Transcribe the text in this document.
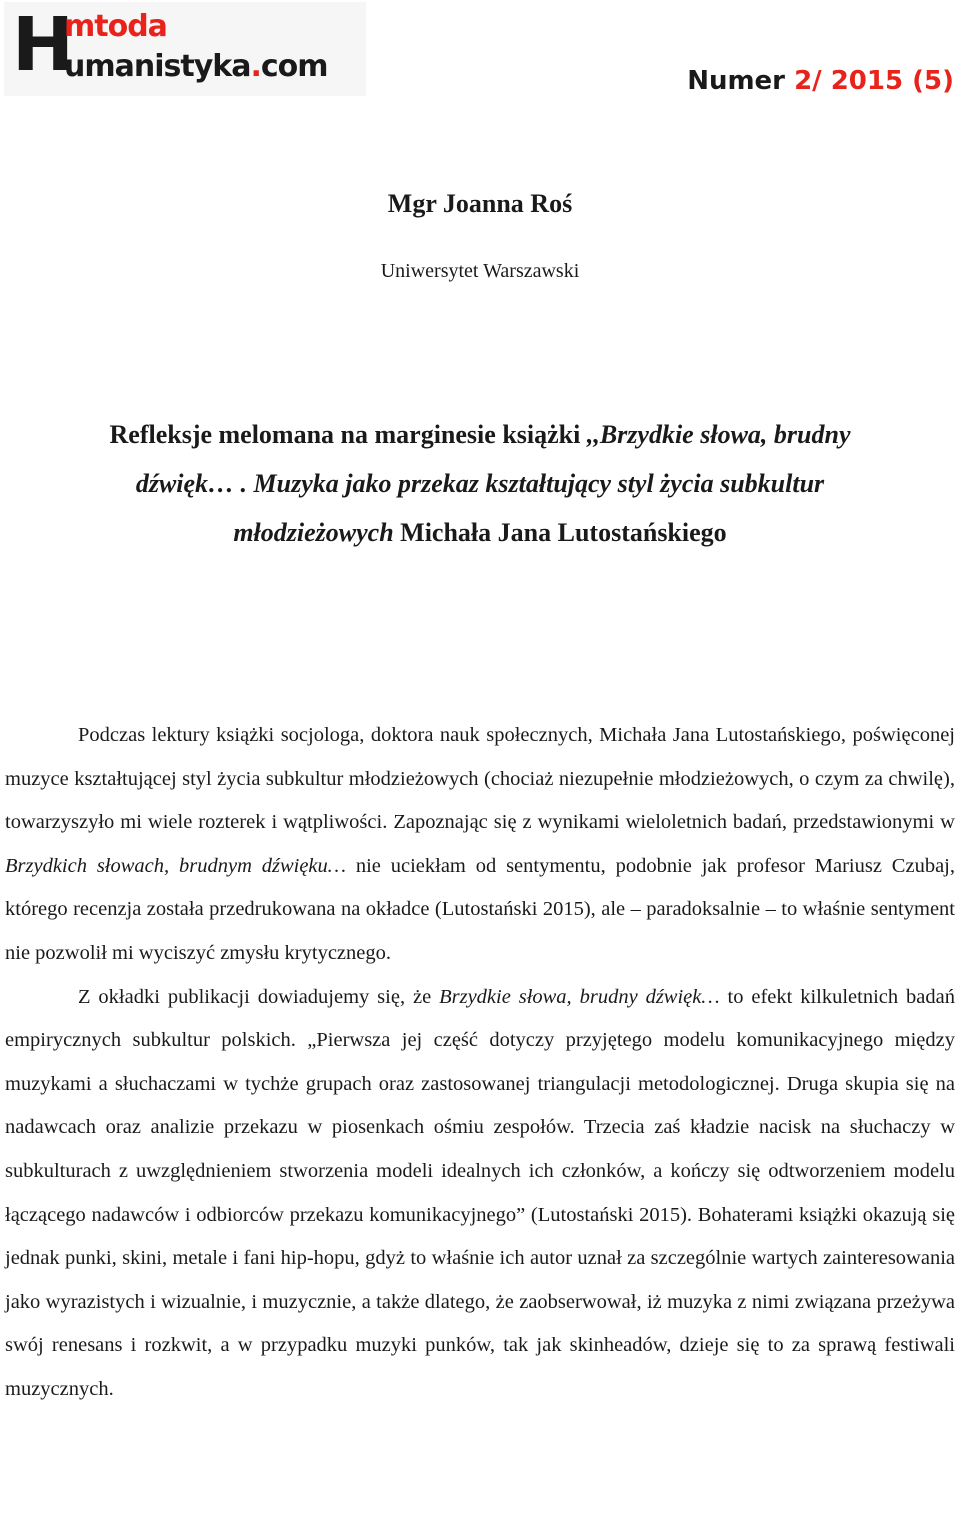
H
mtoda
umanistyka.com	Numer 2/ 2015 (5)
Mgr Joanna Roś
Uniwersytet Warszawski
Refleksje melomana na marginesie książki ,,Brzydkie słowa, brudny dźwięk… . Muzyka jako przekaz kształtujący styl życia subkultur młodzieżowych Michała Jana Lutostańskiego

Podczas lektury książki socjologa, doktora nauk społecznych, Michała Jana Lutostańskiego, poświęconej muzyce kształtującej styl życia subkultur młodzieżowych (chociaż niezupełnie młodzieżowych, o czym za chwilę), towarzyszyło mi wiele rozterek i wątpliwości. Zapoznając się z wynikami wieloletnich badań, przedstawionymi w Brzydkich słowach, brudnym dźwięku… nie uciekłam od sentymentu, podobnie jak profesor Mariusz Czubaj, którego recenzja została przedrukowana na okładce (Lutostański 2015), ale – paradoksalnie – to właśnie sentyment nie pozwolił mi wyciszyć zmysłu krytycznego.

Z okładki publikacji dowiadujemy się, że Brzydkie słowa, brudny dźwięk… to efekt kilkuletnich badań empirycznych subkultur polskich. „Pierwsza jej część dotyczy przyjętego modelu komunikacyjnego między muzykami a słuchaczami w tychże grupach oraz zastosowanej triangulacji metodologicznej. Druga skupia się na nadawcach oraz analizie przekazu w piosenkach ośmiu zespołów. Trzecia zaś kładzie nacisk na słuchaczy w subkulturach z uwzględnieniem stworzenia modeli idealnych ich członków, a kończy się odtworzeniem modelu łączącego nadawców i odbiorców przekazu komunikacyjnego” (Lutostański 2015). Bohaterami książki okazują się jednak punki, skini, metale i fani hip-hopu, gdyż to właśnie ich autor uznał za szczególnie wartych zainteresowania jako wyrazistych i wizualnie, i muzycznie, a także dlatego, że zaobserwował, iż muzyka z nimi związana przeżywa swój renesans i rozkwit, a w przypadku muzyki punków, tak jak skinheadów, dzieje się to za sprawą festiwali muzycznych.
